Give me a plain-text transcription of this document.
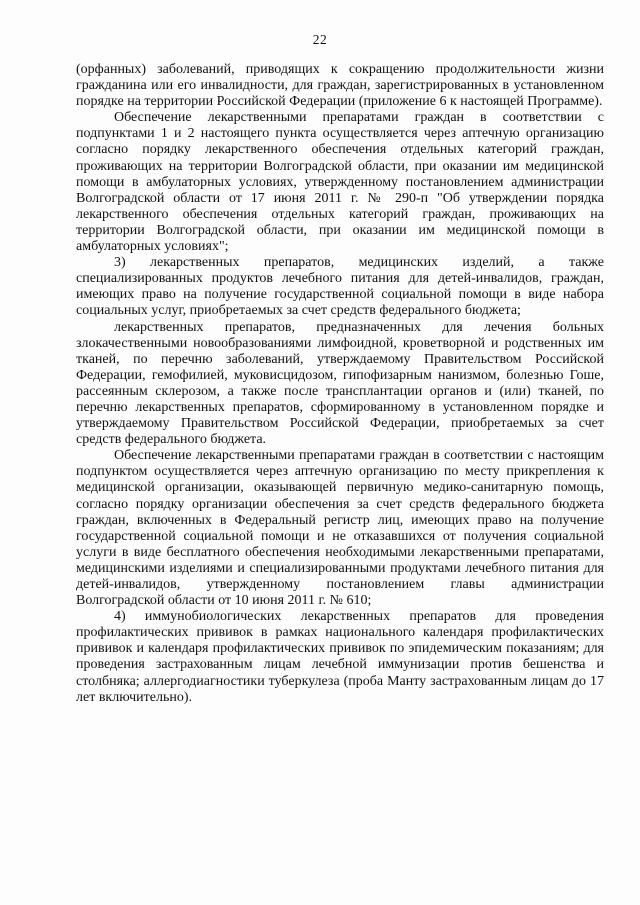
22

(орфанных) заболеваний, приводящих к сокращению продолжительности жизни гражданина или его инвалидности, для граждан, зарегистрированных в установленном порядке на территории Российской Федерации (приложение 6 к настоящей Программе).

Обеспечение лекарственными препаратами граждан в соответствии с подпунктами 1 и 2 настоящего пункта осуществляется через аптечную организацию согласно порядку лекарственного обеспечения отдельных категорий граждан, проживающих на территории Волгоградской области, при оказании им медицинской помощи в амбулаторных условиях, утвержденному постановлением администрации Волгоградской области от 17 июня 2011 г. № 290-п "Об утверждении порядка лекарственного обеспечения отдельных категорий граждан, проживающих на территории Волгоградской области, при оказании им медицинской помощи в амбулаторных условиях";

3) лекарственных препаратов, медицинских изделий, а также специализированных продуктов лечебного питания для детей-инвалидов, граждан, имеющих право на получение государственной социальной помощи в виде набора социальных услуг, приобретаемых за счет средств федерального бюджета;

лекарственных препаратов, предназначенных для лечения больных злокачественными новообразованиями лимфоидной, кроветворной и родственных им тканей, по перечню заболеваний, утверждаемому Правительством Российской Федерации, гемофилией, муковисцидозом, гипофизарным нанизмом, болезнью Гоше, рассеянным склерозом, а также после трансплантации органов и (или) тканей, по перечню лекарственных препаратов, сформированному в установленном порядке и утверждаемому Правительством Российской Федерации, приобретаемых за счет средств федерального бюджета.

Обеспечение лекарственными препаратами граждан в соответствии с настоящим подпунктом осуществляется через аптечную организацию по месту прикрепления к медицинской организации, оказывающей первичную медико-санитарную помощь, согласно порядку организации обеспечения за счет средств федерального бюджета граждан, включенных в Федеральный регистр лиц, имеющих право на получение государственной социальной помощи и не отказавшихся от получения социальной услуги в виде бесплатного обеспечения необходимыми лекарственными препаратами, медицинскими изделиями и специализированными продуктами лечебного питания для детей-инвалидов, утвержденному постановлением главы администрации Волгоградской области от 10 июня 2011 г. № 610;

4) иммунобиологических лекарственных препаратов для проведения профилактических прививок в рамках национального календаря профилактических прививок и календаря профилактических прививок по эпидемическим показаниям; для проведения застрахованным лицам лечебной иммунизации против бешенства и столбняка; аллергодиагностики туберкулеза (проба Манту застрахованным лицам до 17 лет включительно).
